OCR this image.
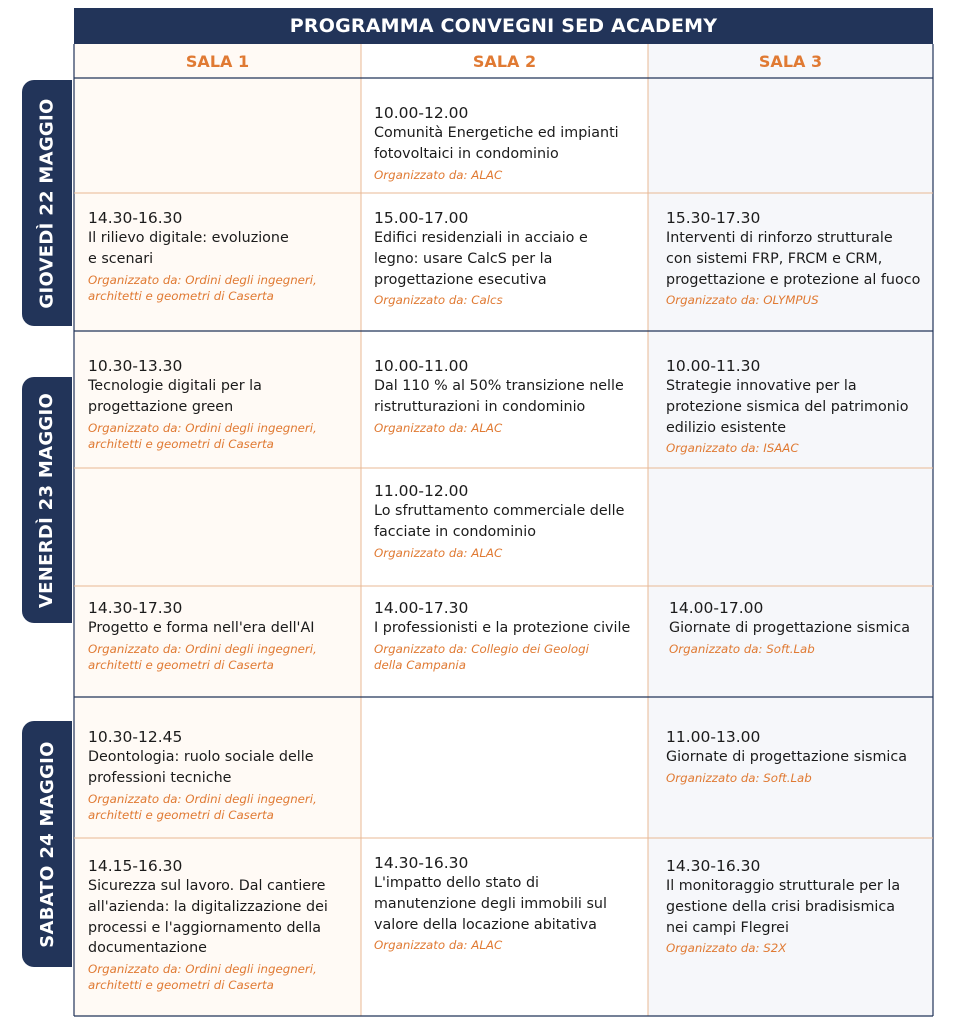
PROGRAMMA CONVEGNI SED ACADEMY
SALA 1	SALA 2	SALA 3
GIOVEDÌ 22 MAGGIO
VENERDÌ 23 MAGGIO
SABATO 24 MAGGIO
10.00-12.00
Comunità Energetiche ed impianti
fotovoltaici in condominio
Organizzato da: ALAC
14.30-16.30
Il rilievo digitale: evoluzione
e scenari
Organizzato da: Ordini degli ingegneri,
architetti e geometri di Caserta
15.00-17.00
Edifici residenziali in acciaio e
legno: usare CalcS per la
progettazione esecutiva
Organizzato da: Calcs
15.30-17.30
Interventi di rinforzo strutturale
con sistemi FRP, FRCM e CRM,
progettazione e protezione al fuoco
Organizzato da: OLYMPUS
10.30-13.30
Tecnologie digitali per la
progettazione green
Organizzato da: Ordini degli ingegneri,
architetti e geometri di Caserta
10.00-11.00
Dal 110 % al 50% transizione nelle
ristrutturazioni in condominio
Organizzato da: ALAC
10.00-11.30
Strategie innovative per la
protezione sismica del patrimonio
edilizio esistente
Organizzato da: ISAAC
11.00-12.00
Lo sfruttamento commerciale delle
facciate in condominio
Organizzato da: ALAC
14.30-17.30
Progetto e forma nell'era dell'AI
Organizzato da: Ordini degli ingegneri,
architetti e geometri di Caserta
14.00-17.30
I professionisti e la protezione civile
Organizzato da: Collegio dei Geologi
della Campania
14.00-17.00
Giornate di progettazione sismica
Organizzato da: Soft.Lab
10.30-12.45
Deontologia: ruolo sociale delle
professioni tecniche
Organizzato da: Ordini degli ingegneri,
architetti e geometri di Caserta
11.00-13.00
Giornate di progettazione sismica
Organizzato da: Soft.Lab
14.15-16.30
Sicurezza sul lavoro. Dal cantiere
all'azienda: la digitalizzazione dei
processi e l'aggiornamento della
documentazione
Organizzato da: Ordini degli ingegneri,
architetti e geometri di Caserta
14.30-16.30
L'impatto dello stato di
manutenzione degli immobili sul
valore della locazione abitativa
Organizzato da: ALAC
14.30-16.30
Il monitoraggio strutturale per la
gestione della crisi bradisismica
nei campi Flegrei
Organizzato da: S2X
